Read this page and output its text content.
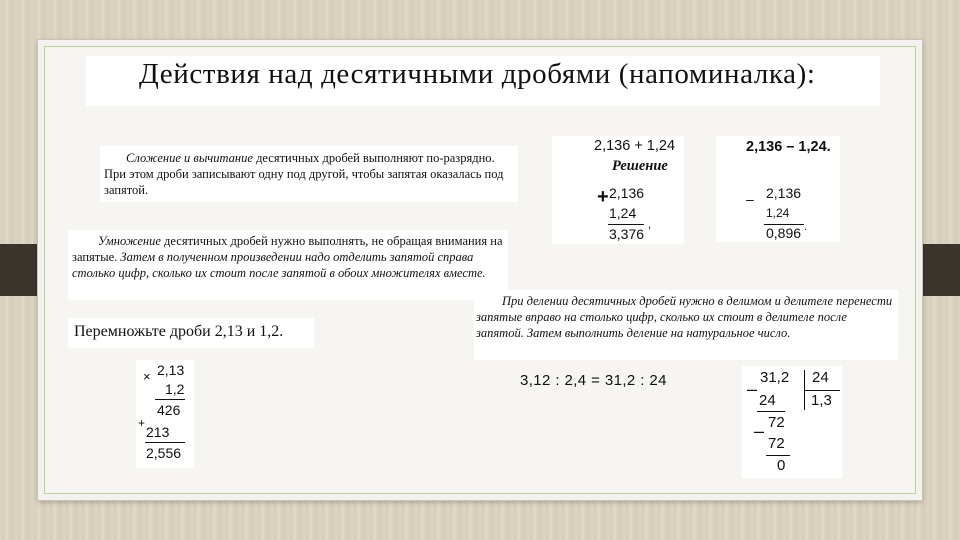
Действия над десятичными дробями (напоминалка):
Сложение и вычитание десятичных дробей выполняют по-разрядно. При этом дроби записывают одну под другой, чтобы запятая оказалась под запятой.
2,136 + 1,24
Решение
+ 2,136
1,24
3,376
,
2,136 – 1,24.
– 2,136
1,24
0,896 .
Умножение десятичных дробей нужно выполнять, не обращая внимания на запятые. Затем в полученном произведении надо отделить запятой справа столько цифр, сколько их стоит после запятой в обоих множителях вместе.
Перемножьте дроби 2,13 и 1,2.
× 2,13
1,2
426
+
213
2,556
При делении десятичных дробей нужно в делимом и делителе перенести запятые вправо на столько цифр, сколько их стоит в делителе после запятой. Затем выполнить деление на натуральное число.
3,12 : 2,4 = 31,2 : 24	–
31,2 24
24 1,3
– 72
72
0
